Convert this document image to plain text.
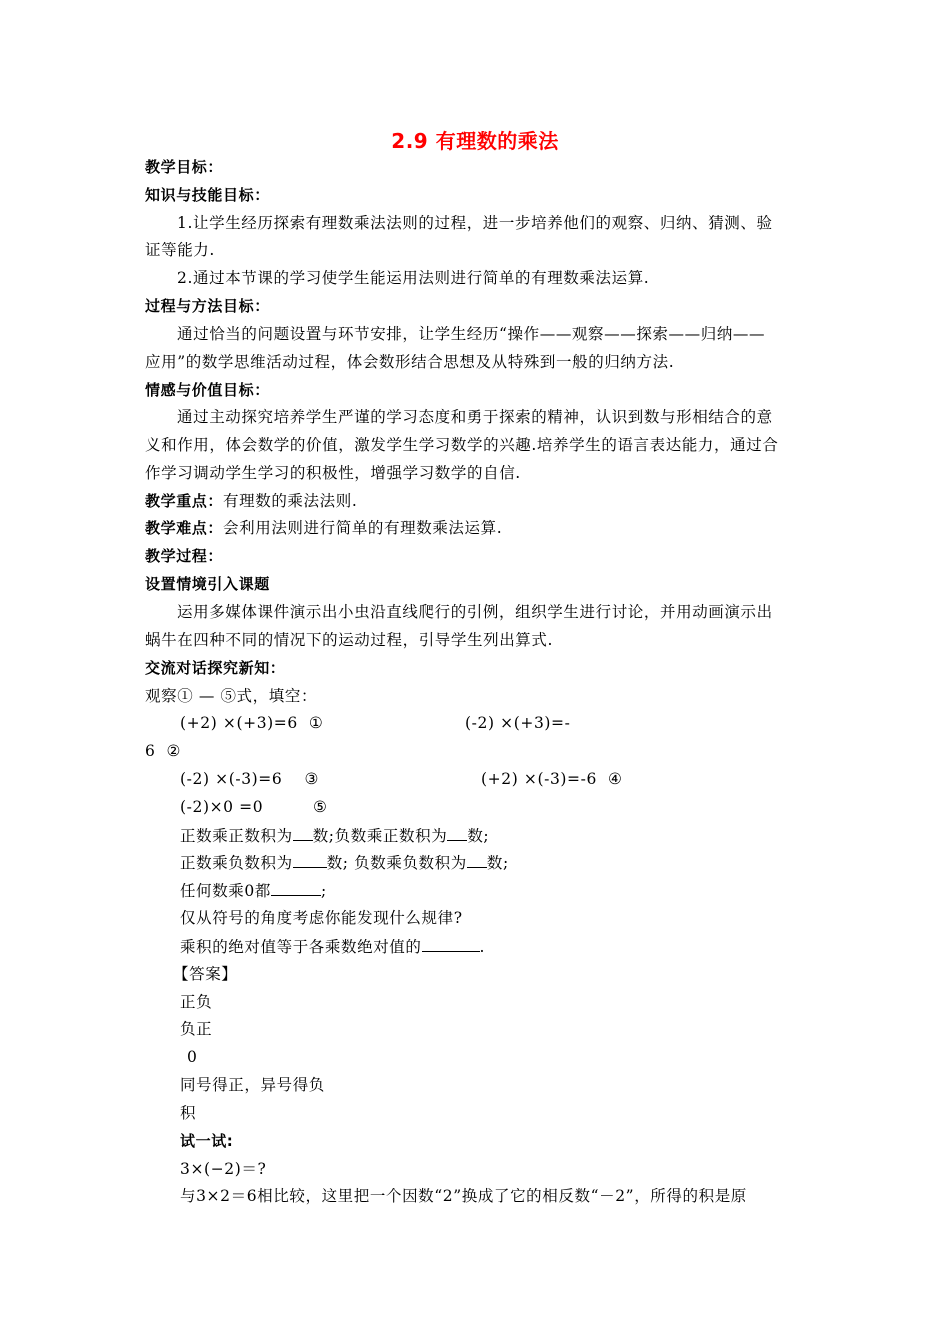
2.9 有理数的乘法
教学目标：
知识与技能目标：
1.让学生经历探索有理数乘法法则的过程，进一步培养他们的观察、归纳、猜测、验
证等能力.
2.通过本节课的学习使学生能运用法则进行简单的有理数乘法运算.
过程与方法目标：
通过恰当的问题设置与环节安排，让学生经历“操作——观察——探索——归纳——
应用”的数学思维活动过程，体会数形结合思想及从特殊到一般的归纳方法.
情感与价值目标：
通过主动探究培养学生严谨的学习态度和勇于探索的精神，认识到数与形相结合的意
义和作用，体会数学的价值，激发学生学习数学的兴趣.培养学生的语言表达能力，通过合
作学习调动学生学习的积极性，增强学习数学的自信.
教学重点：有理数的乘法法则.
教学难点：会利用法则进行简单的有理数乘法运算.
教学过程：
设置情境引入课题
运用多媒体课件演示出小虫沿直线爬行的引例，组织学生进行讨论，并用动画演示出
蜗牛在四种不同的情况下的运动过程，引导学生列出算式.
交流对话探究新知：
观察① — ⑤式，填空：
(+2) ×(+3)=6  ①	(-2) ×(+3)=-
6  ②
(-2) ×(-3)=6    ③	(+2) ×(-3)=-6  ④
(-2)×0 =0         ⑤
正数乘正数积为 数;负数乘正数积为 数;
正数乘负数积为 数; 负数乘负数积为 数;
任何数乘0都	;
仅从符号的角度考虑你能发现什么规律?
乘积的绝对值等于各乘数绝对值的	.
【答案】
正负
负正
0
同号得正，异号得负
积
试一试:
3×(−2)＝?
与3×2＝6相比较，这里把一个因数“2”换成了它的相反数“－2”，所得的积是原
